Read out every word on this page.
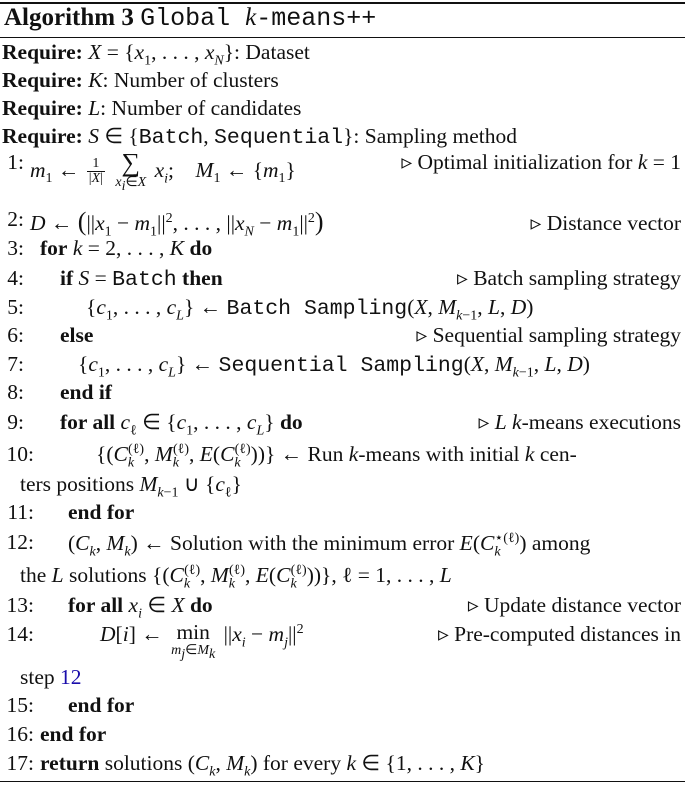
Algorithm 3 Global k-means++
Require: $X = \{x_1$, . . . , $x_N$}: Dataset
Require: K: Number of clusters
Require: L: Number of candidates
Require: S ∈ {Batch, Sequential}: Sampling method
1: $m_1$ ← $\frac{1}{|X|}$
∑
$x_i\in X$
$x_i$;    $M_1$ ← $\{m_1\}$	▹ Optimal initialization for k = 1
2: D ← ($||x_1 - m_1||^2$, . . . , $||x_N - m_1||^2$)	▹ Distance vector
3: for k = 2, . . . , K do
4: if S = Batch then	▹ Batch sampling strategy
5:	{$c_1$, . . . , $c_L$} ← Batch Sampling(X, $M_{k-1}$, L, D)
6: else	▹ Sequential sampling strategy
7:	{$c_1$, . . . , $c_L$} ← Sequential Sampling(X, $M_{k-1}$, L, D)
8: end if
9: for all $c_\ell$ ∈ {$c_1$, . . . , $c_L$} do	▹ L k-means executions
10:	{($C_k^{(\ell)}$, $M_k^{(\ell)}$, $E(C_k^{(\ell)})$)} ← Run k-means with initial k cen-
ters positions $M_{k-1}$ ∪ $\{c_\ell\}$
11: end for
12: ($C_k$, $M_k$) ← Solution with the minimum error $E(C_k^{⋆(\ell)})$ among
the L solutions {($C_k^{(\ell)}$, $M_k^{(\ell)}$, $E(C_k^{(\ell)})$)}, ℓ = 1, . . . , L
13: for all $x_i$ ∈ X do	▹ Update distance vector
14:	D[i] ← min
$m_j\in M_k$
$||x_i - m_j||^2$	▹ Pre-computed distances in
step 12
15: end for
16: end for
17: return solutions ($C_k$, $M_k$) for every k ∈ {1, . . . , K}
